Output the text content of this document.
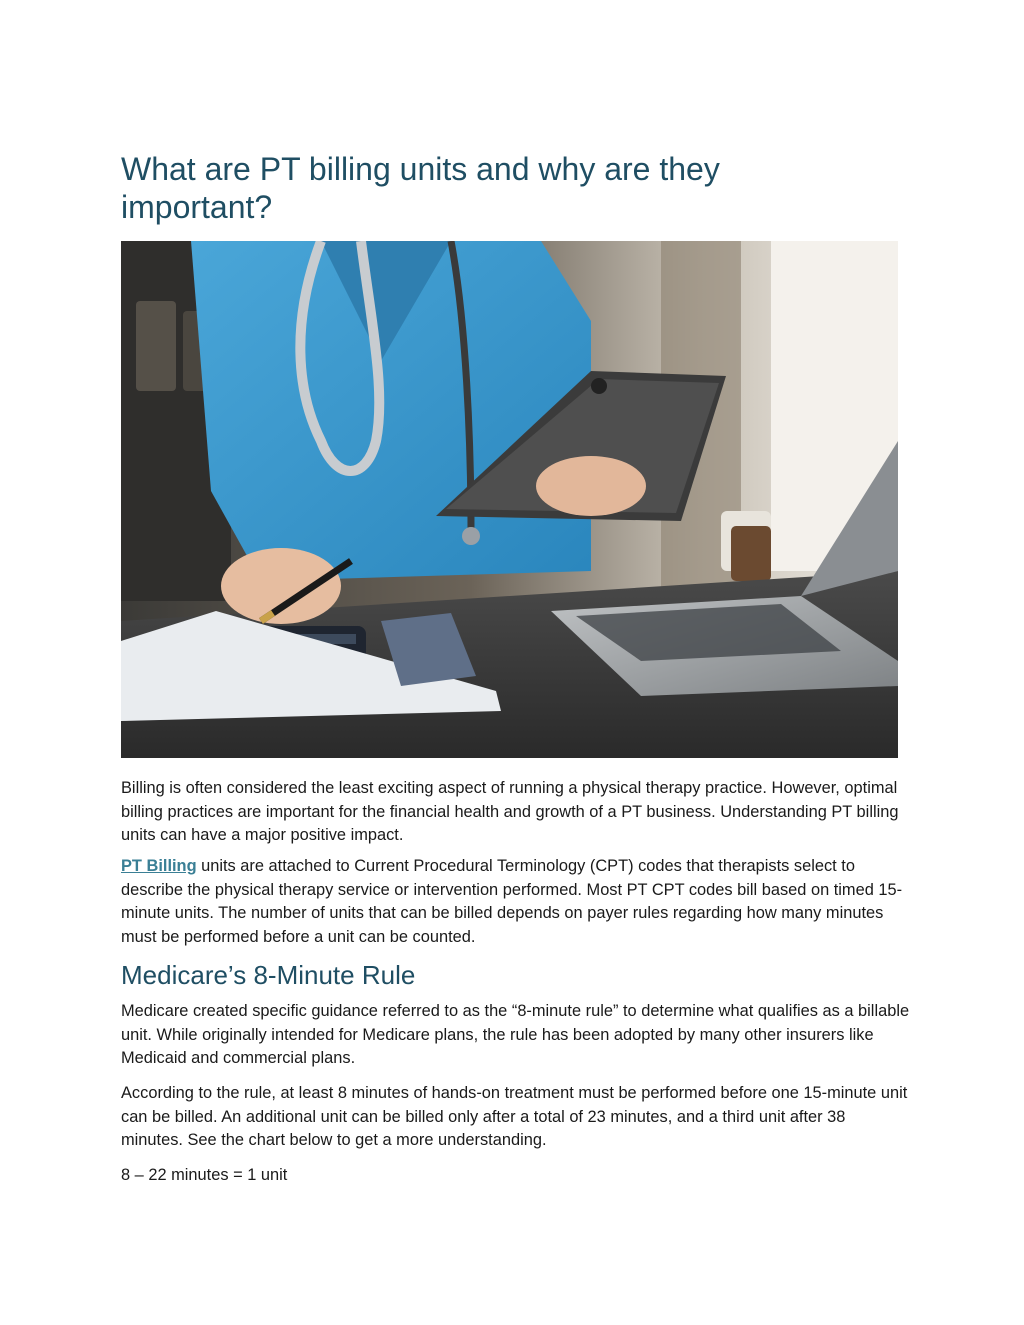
What are PT billing units and why are they important?

Billing is often considered the least exciting aspect of running a physical therapy practice. However, optimal billing practices are important for the financial health and growth of a PT business. Understanding PT billing units can have a major positive impact.

PT Billing units are attached to Current Procedural Terminology (CPT) codes that therapists select to describe the physical therapy service or intervention performed. Most PT CPT codes bill based on timed 15-minute units. The number of units that can be billed depends on payer rules regarding how many minutes must be performed before a unit can be counted.

Medicare’s 8-Minute Rule

Medicare created specific guidance referred to as the “8-minute rule” to determine what qualifies as a billable unit. While originally intended for Medicare plans, the rule has been adopted by many other insurers like Medicaid and commercial plans.

According to the rule, at least 8 minutes of hands-on treatment must be performed before one 15-minute unit can be billed. An additional unit can be billed only after a total of 23 minutes, and a third unit after 38 minutes. See the chart below to get a more understanding.

8 – 22 minutes = 1 unit
